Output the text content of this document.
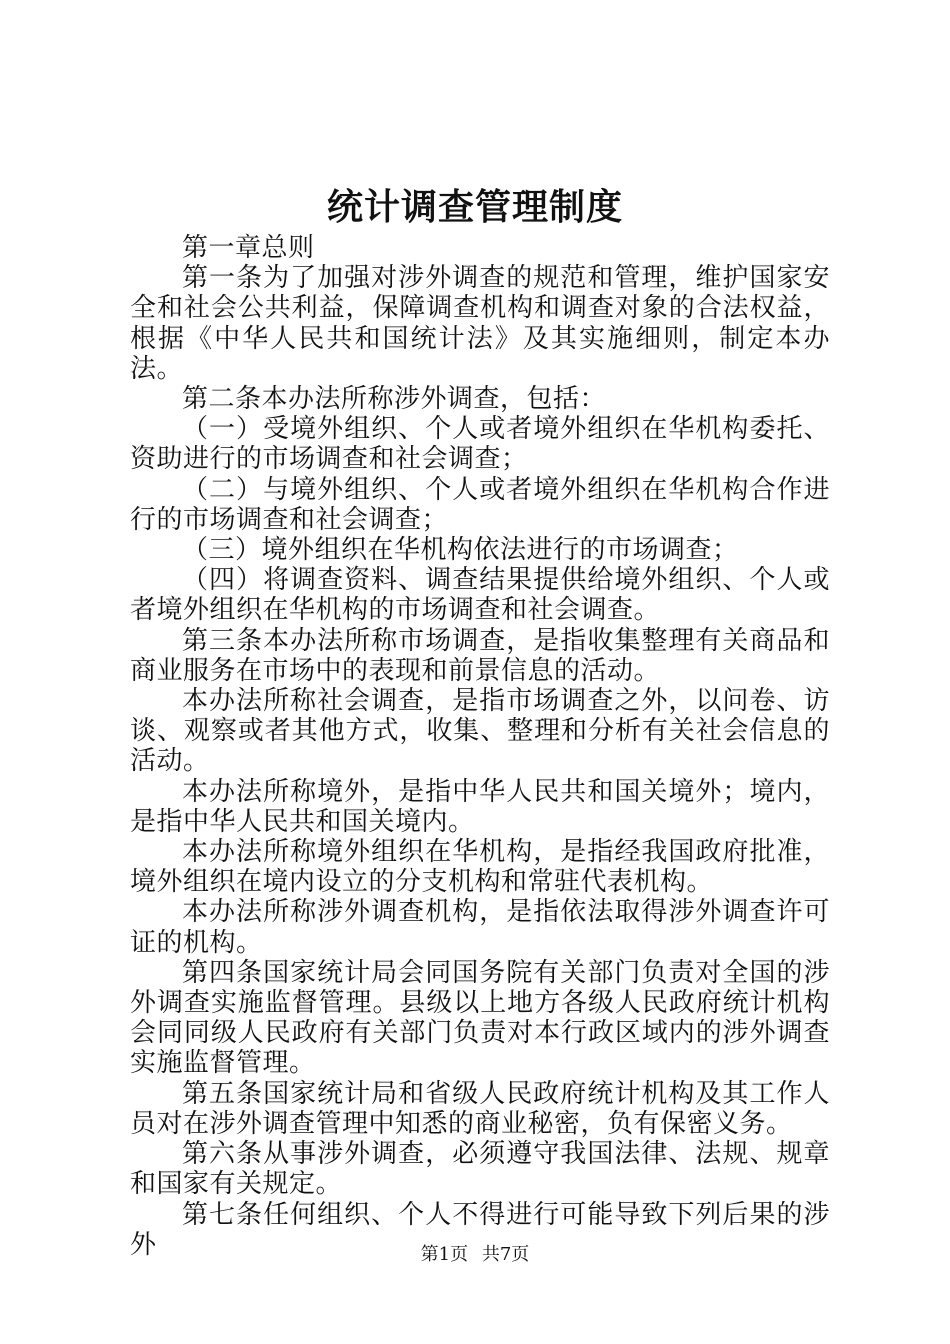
统计调查管理制度

第一章总则

第一条为了加强对涉外调查的规范和管理，维护国家安全和社会公共利益，保障调查机构和调查对象的合法权益，根据《中华人民共和国统计法》及其实施细则，制定本办法。

第二条本办法所称涉外调查，包括：

（一）受境外组织、个人或者境外组织在华机构委托、资助进行的市场调查和社会调查；

（二）与境外组织、个人或者境外组织在华机构合作进行的市场调查和社会调查；

（三）境外组织在华机构依法进行的市场调查；

（四）将调查资料、调查结果提供给境外组织、个人或者境外组织在华机构的市场调查和社会调查。

第三条本办法所称市场调查，是指收集整理有关商品和商业服务在市场中的表现和前景信息的活动。

本办法所称社会调查，是指市场调查之外，以问卷、访谈、观察或者其他方式，收集、整理和分析有关社会信息的活动。

本办法所称境外，是指中华人民共和国关境外；境内，是指中华人民共和国关境内。

本办法所称境外组织在华机构，是指经我国政府批准，境外组织在境内设立的分支机构和常驻代表机构。

本办法所称涉外调查机构，是指依法取得涉外调查许可证的机构。

第四条国家统计局会同国务院有关部门负责对全国的涉外调查实施监督管理。县级以上地方各级人民政府统计机构会同同级人民政府有关部门负责对本行政区域内的涉外调查实施监督管理。

第五条国家统计局和省级人民政府统计机构及其工作人员对在涉外调查管理中知悉的商业秘密，负有保密义务。

第六条从事涉外调查，必须遵守我国法律、法规、规章和国家有关规定。

第七条任何组织、个人不得进行可能导致下列后果的涉外	第1页 共7页
